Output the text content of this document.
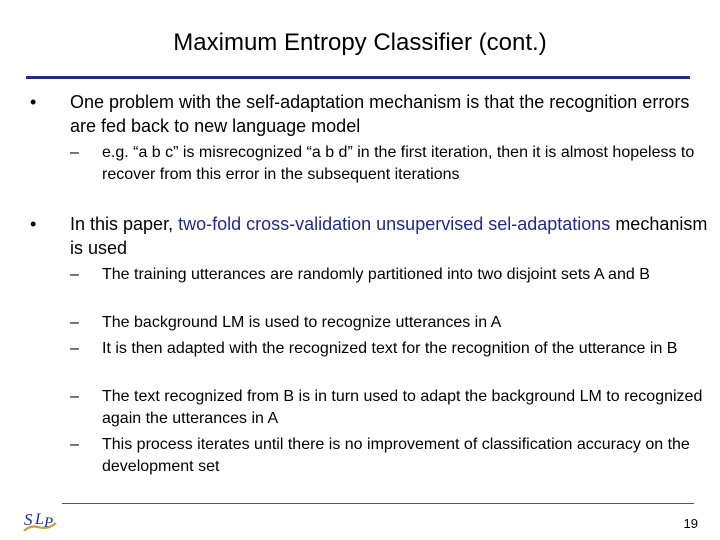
Maximum Entropy Classifier (cont.)
•	One problem with the self-adaptation mechanism is that the recognition errors are fed back to new language model
– e.g. “a b c” is misrecognized “a b d” in the first iteration, then it is almost hopeless to recover from this error in the subsequent iterations
•	In this paper, two-fold cross-validation unsupervised sel-adaptations mechanism is used
– The training utterances are randomly partitioned into two disjoint sets A and B
– The background LM is used to recognize utterances in A
– It is then adapted with the recognized text for the recognition of the utterance in B
– The text recognized from B is in turn used to adapt the background LM to recognized again the utterances in A
– This process iterates until there is no improvement of classification accuracy on the development set
S L P	19
